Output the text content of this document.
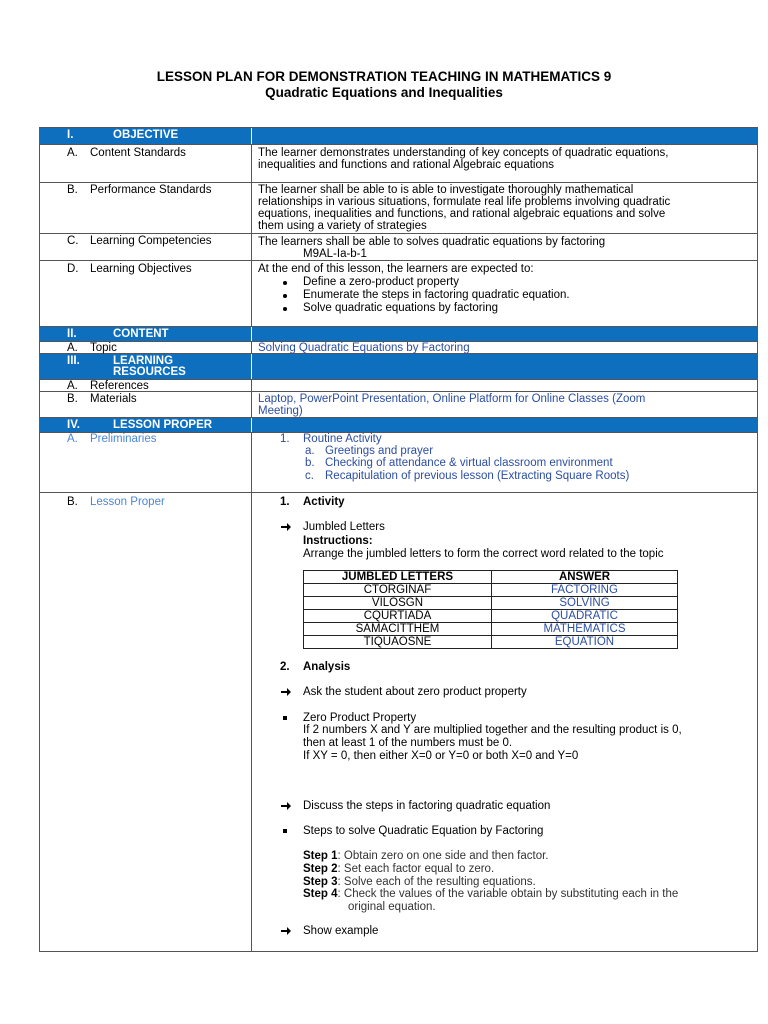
LESSON PLAN FOR DEMONSTRATION TEACHING IN MATHEMATICS 9
Quadratic Equations and Inequalities
I.	OBJECTIVE
A. Content Standards	The learner demonstrates understanding of key concepts of quadratic equations,
inequalities and functions and rational Algebraic equations
B. Performance Standards	The learner shall be able to is able to investigate thoroughly mathematical
relationships in various situations, formulate real life problems involving quadratic
equations, inequalities and functions, and rational algebraic equations and solve
them using a variety of strategies
C. Learning Competencies	The learners shall be able to solves quadratic equations by factoring
M9AL-Ia-b-1
D. Learning Objectives	At the end of this lesson, the learners are expected to:
Define a zero-product property
Enumerate the steps in factoring quadratic equation.
Solve quadratic equations by factoring
II.	CONTENT
A. Topic	Solving Quadratic Equations by Factoring
III.	LEARNING
RESOURCES
A. References
B. Materials	Laptop, PowerPoint Presentation, Online Platform for Online Classes (Zoom
Meeting)
IV.	LESSON PROPER
A. Preliminaries	1. Routine Activity
a. Greetings and prayer
b. Checking of attendance & virtual classroom environment
c. Recapitulation of previous lesson (Extracting Square Roots)
B. Lesson Proper	1. Activity
Jumbled Letters
Instructions:
Arrange the jumbled letters to form the correct word related to the topic
JUMBLED LETTERS	ANSWER
CTORGINAF	FACTORING
VILOSGN	SOLVING
CQURTIADA	QUADRATIC
SAMACITTHEM	MATHEMATICS
TIQUAOSNE	EQUATION
2. Analysis
Ask the student about zero product property
Zero Product Property
If 2 numbers X and Y are multiplied together and the resulting product is 0,
then at least 1 of the numbers must be 0.
If XY = 0, then either X=0 or Y=0 or both X=0 and Y=0
Discuss the steps in factoring quadratic equation
Steps to solve Quadratic Equation by Factoring
Step 1: Obtain zero on one side and then factor.
Step 2: Set each factor equal to zero.
Step 3: Solve each of the resulting equations.
Step 4: Check the values of the variable obtain by substituting each in the
original equation.
Show example
